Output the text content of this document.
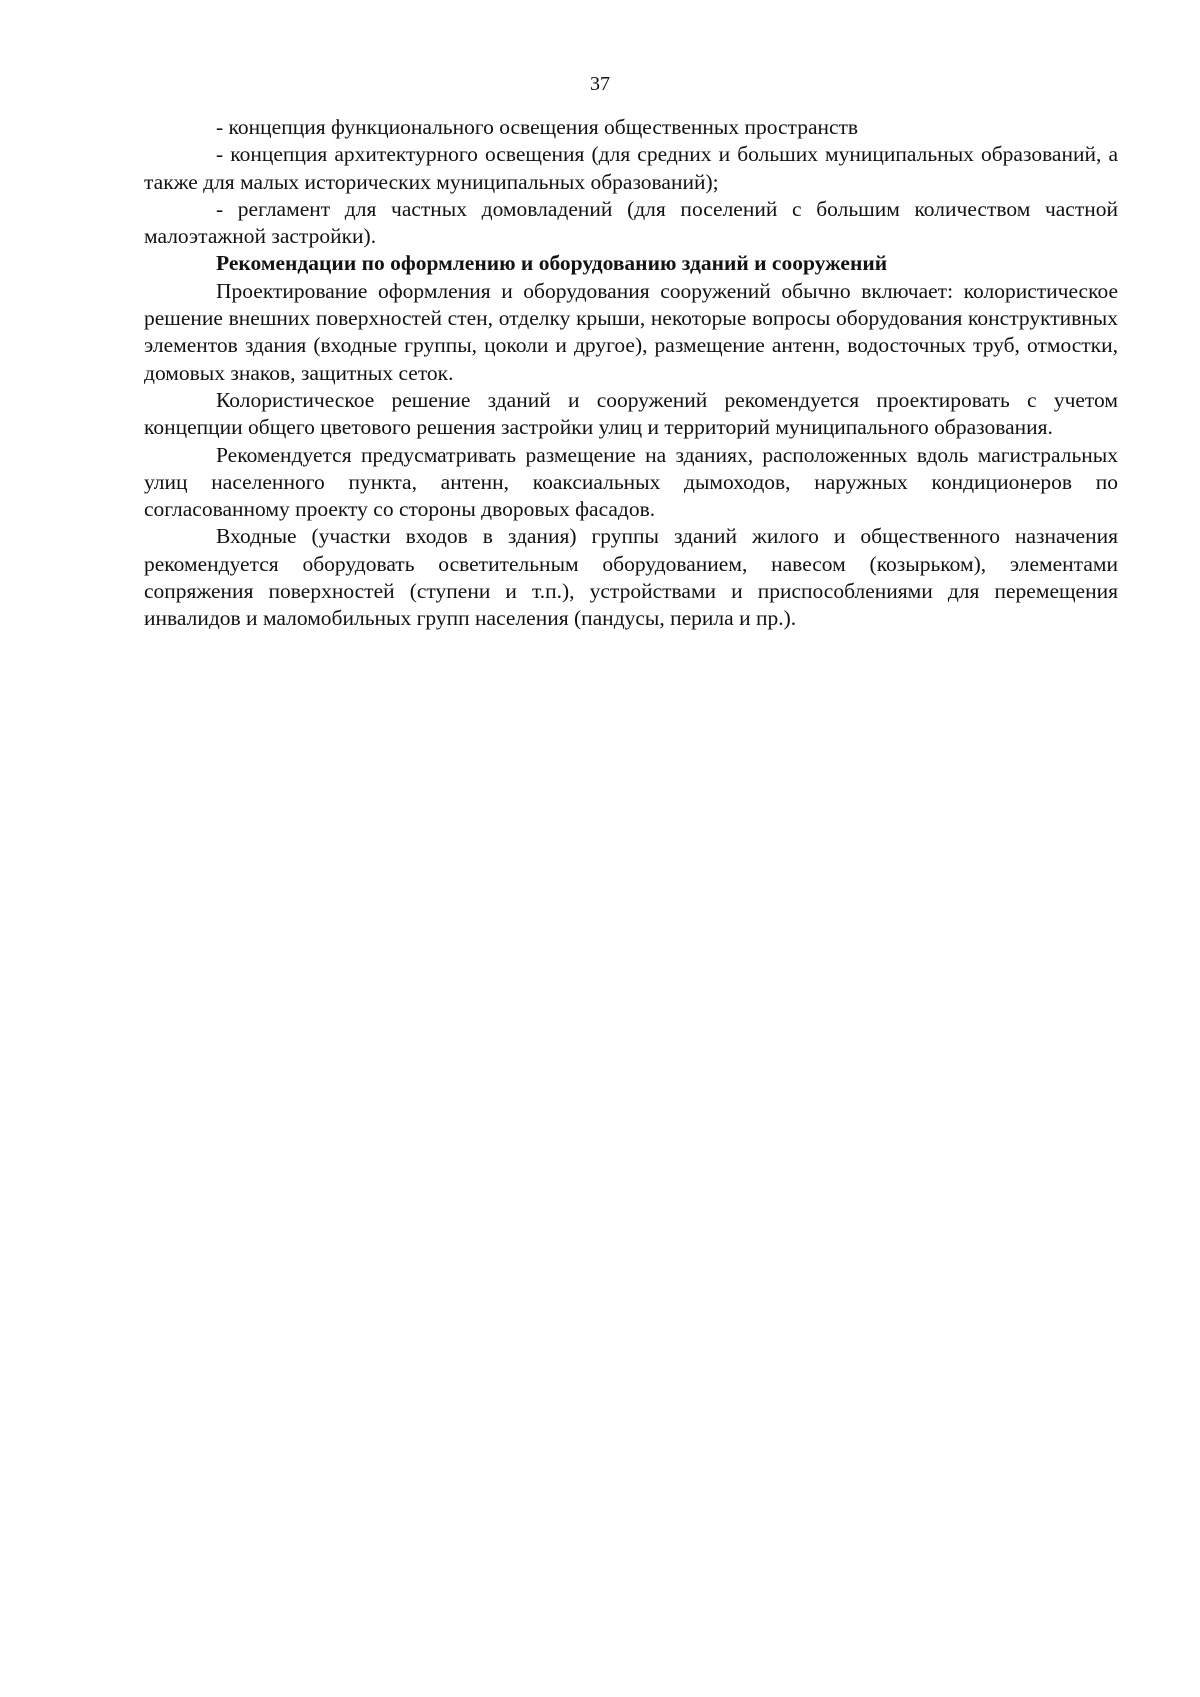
37

- концепция функционального освещения общественных пространств

- концепция архитектурного освещения (для средних и больших муниципальных образований, а также для малых исторических муниципальных образований);

- регламент для частных домовладений (для поселений с большим количеством частной малоэтажной застройки).

Рекомендации по оформлению и оборудованию зданий и сооружений

Проектирование оформления и оборудования сооружений обычно включает: колористическое решение внешних поверхностей стен, отделку крыши, некоторые вопросы оборудования конструктивных элементов здания (входные группы, цоколи и другое), размещение антенн, водосточных труб, отмостки, домовых знаков, защитных сеток.

Колористическое решение зданий и сооружений рекомендуется проектировать с учетом концепции общего цветового решения застройки улиц и территорий муниципального образования.

Рекомендуется предусматривать размещение на зданиях, расположенных вдоль магистральных улиц населенного пункта, антенн, коаксиальных дымоходов, наружных кондиционеров по согласованному проекту со стороны дворовых фасадов.

Входные (участки входов в здания) группы зданий жилого и общественного назначения рекомендуется оборудовать осветительным оборудованием, навесом (козырьком), элементами сопряжения поверхностей (ступени и т.п.), устройствами и приспособлениями для перемещения инвалидов и маломобильных групп населения (пандусы, перила и пр.).
